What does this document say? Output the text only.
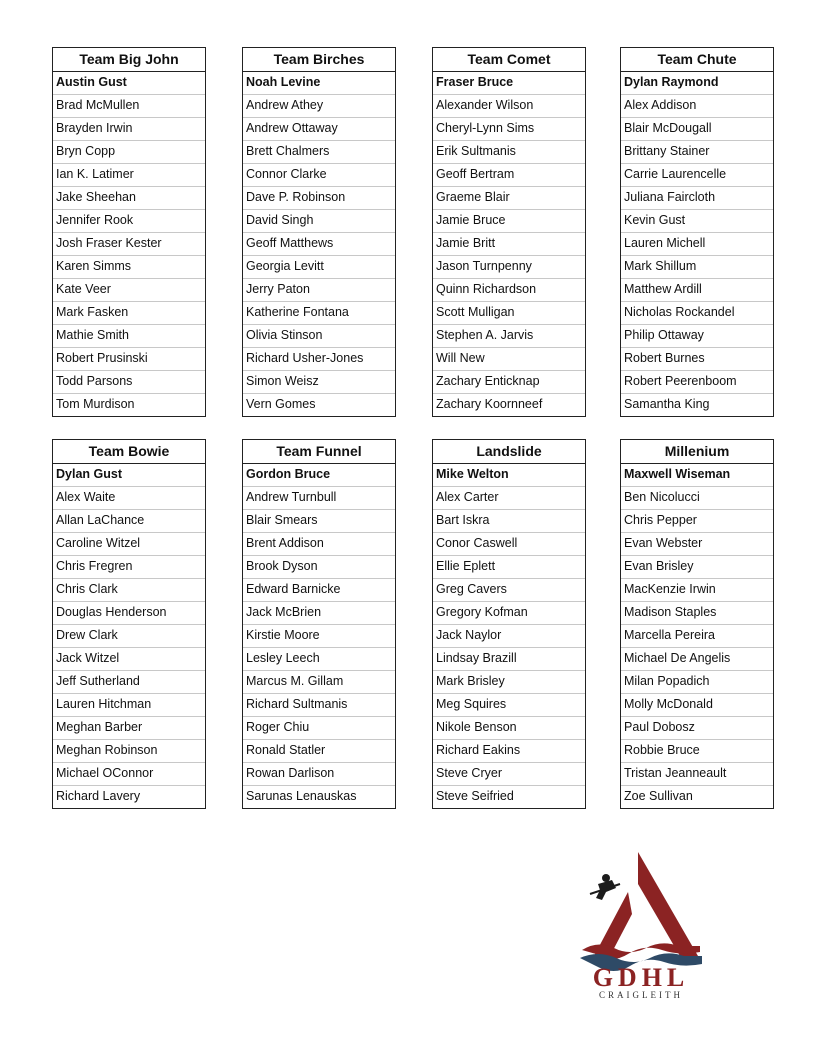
Team Big John
Austin Gust
Brad McMullen
Brayden Irwin
Bryn Copp
Ian K. Latimer
Jake Sheehan
Jennifer Rook
Josh Fraser Kester
Karen Simms
Kate Veer
Mark Fasken
Mathie Smith
Robert Prusinski
Todd Parsons
Tom Murdison
Team Birches
Noah Levine
Andrew Athey
Andrew Ottaway
Brett Chalmers
Connor Clarke
Dave P. Robinson
David Singh
Geoff Matthews
Georgia Levitt
Jerry Paton
Katherine Fontana
Olivia Stinson
Richard Usher-Jones
Simon Weisz
Vern Gomes
Team Comet
Fraser Bruce
Alexander Wilson
Cheryl-Lynn Sims
Erik Sultmanis
Geoff Bertram
Graeme Blair
Jamie Bruce
Jamie Britt
Jason Turnpenny
Quinn Richardson
Scott Mulligan
Stephen A. Jarvis
Will New
Zachary Enticknap
Zachary Koornneef
Team Chute
Dylan Raymond
Alex Addison
Blair McDougall
Brittany Stainer
Carrie Laurencelle
Juliana Faircloth
Kevin Gust
Lauren Michell
Mark Shillum
Matthew Ardill
Nicholas Rockandel
Philip Ottaway
Robert Burnes
Robert Peerenboom
Samantha King
Team Bowie
Dylan Gust
Alex Waite
Allan LaChance
Caroline Witzel
Chris Fregren
Chris Clark
Douglas Henderson
Drew Clark
Jack Witzel
Jeff Sutherland
Lauren Hitchman
Meghan Barber
Meghan Robinson
Michael OConnor
Richard Lavery
Team Funnel
Gordon Bruce
Andrew Turnbull
Blair Smears
Brent Addison
Brook Dyson
Edward Barnicke
Jack McBrien
Kirstie Moore
Lesley Leech
Marcus M. Gillam
Richard Sultmanis
Roger Chiu
Ronald Statler
Rowan Darlison
Sarunas Lenauskas
Landslide
Mike Welton
Alex Carter
Bart Iskra
Conor Caswell
Ellie Eplett
Greg Cavers
Gregory Kofman
Jack Naylor
Lindsay Brazill
Mark Brisley
Meg Squires
Nikole Benson
Richard Eakins
Steve Cryer
Steve Seifried
Millenium
Maxwell Wiseman
Ben Nicolucci
Chris Pepper
Evan Webster
Evan Brisley
MacKenzie Irwin
Madison Staples
Marcella Pereira
Michael De Angelis
Milan Popadich
Molly McDonald
Paul Dobosz
Robbie Bruce
Tristan Jeanneault
Zoe Sullivan
GDHL
CRAIGLEITH
